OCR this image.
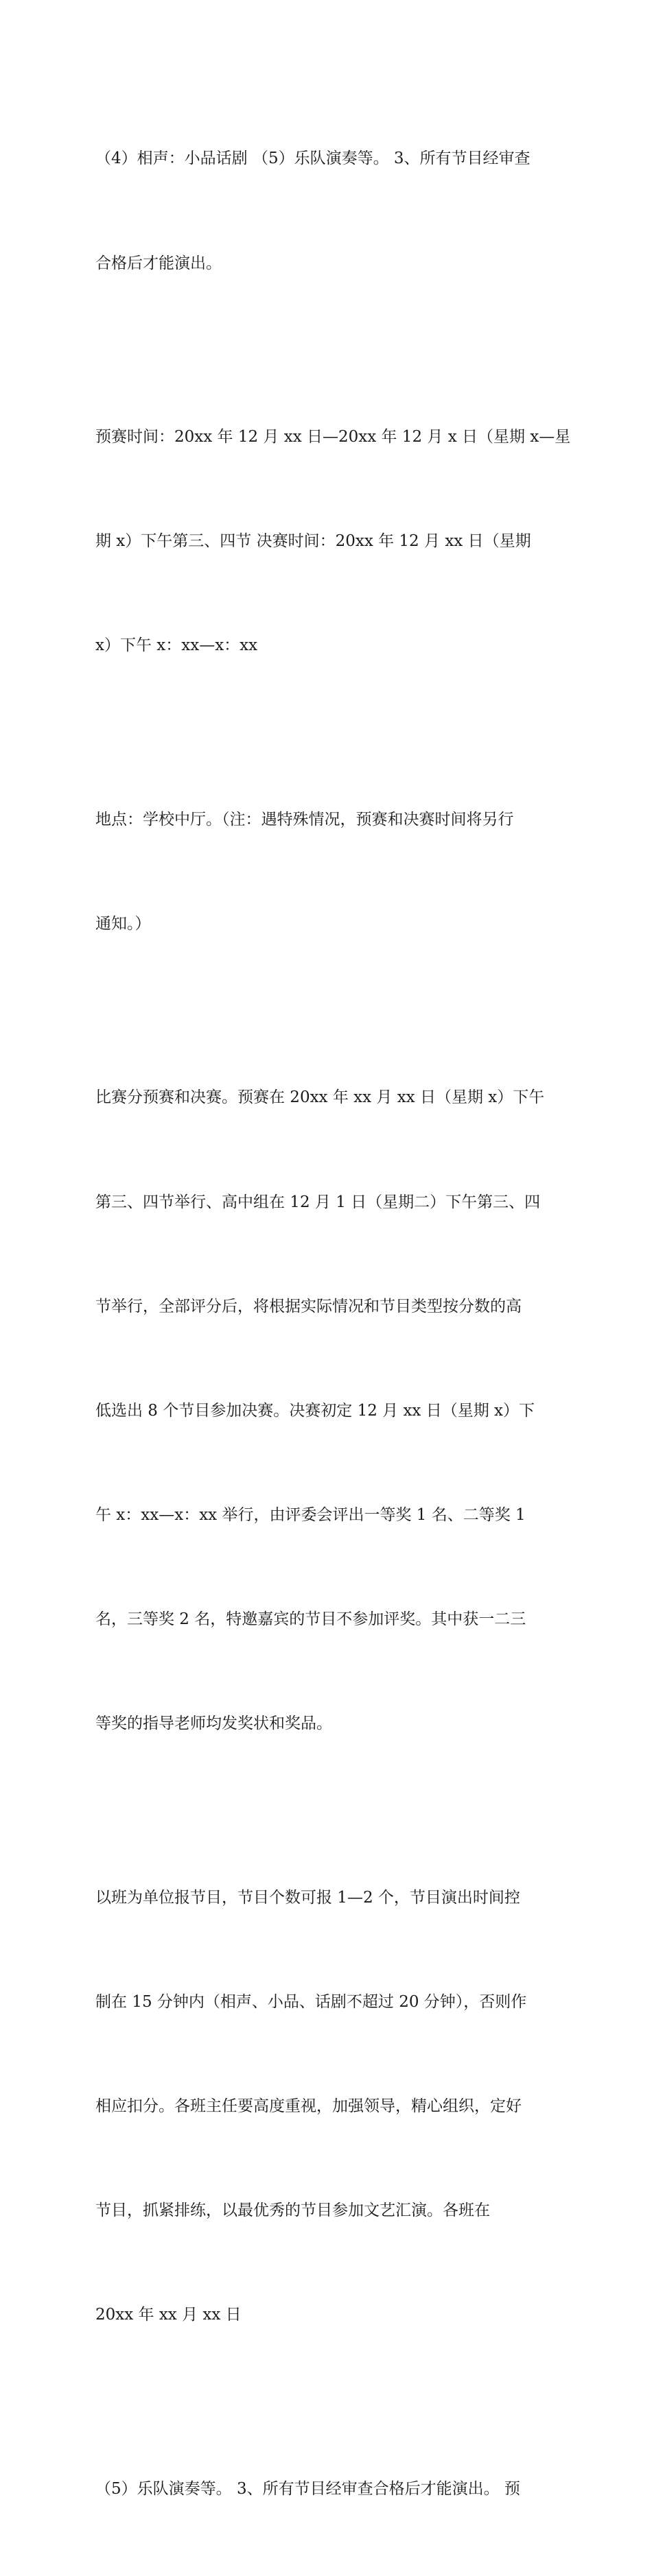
（4）相声：小品话剧 （5）乐队演奏等。 3、所有节目经审查

合格后才能演出。

预赛时间：20xx 年 12 月 xx 日—20xx 年 12 月 x 日（星期 x—星

期 x）下午第三、四节 决赛时间：20xx 年 12 月 xx 日（星期

x）下午 x：xx—x：xx

地点：学校中厅。（注：遇特殊情况，预赛和决赛时间将另行

通知。）

比赛分预赛和决赛。预赛在 20xx 年 xx 月 xx 日（星期 x）下午

第三、四节举行、高中组在 12 月 1 日（星期二）下午第三、四

节举行，全部评分后，将根据实际情况和节目类型按分数的高

低选出 8 个节目参加决赛。决赛初定 12 月 xx 日（星期 x）下

午 x：xx—x：xx 举行，由评委会评出一等奖 1 名、二等奖 1

名，三等奖 2 名，特邀嘉宾的节目不参加评奖。其中获一二三

等奖的指导老师均发奖状和奖品。

以班为单位报节目，节目个数可报 1—2 个，节目演出时间控

制在 15 分钟内（相声、小品、话剧不超过 20 分钟），否则作

相应扣分。各班主任要高度重视，加强领导，精心组织，定好

节目，抓紧排练，以最优秀的节目参加文艺汇演。各班在

20xx 年 xx 月 xx 日

（5）乐队演奏等。 3、所有节目经审查合格后才能演出。 预
